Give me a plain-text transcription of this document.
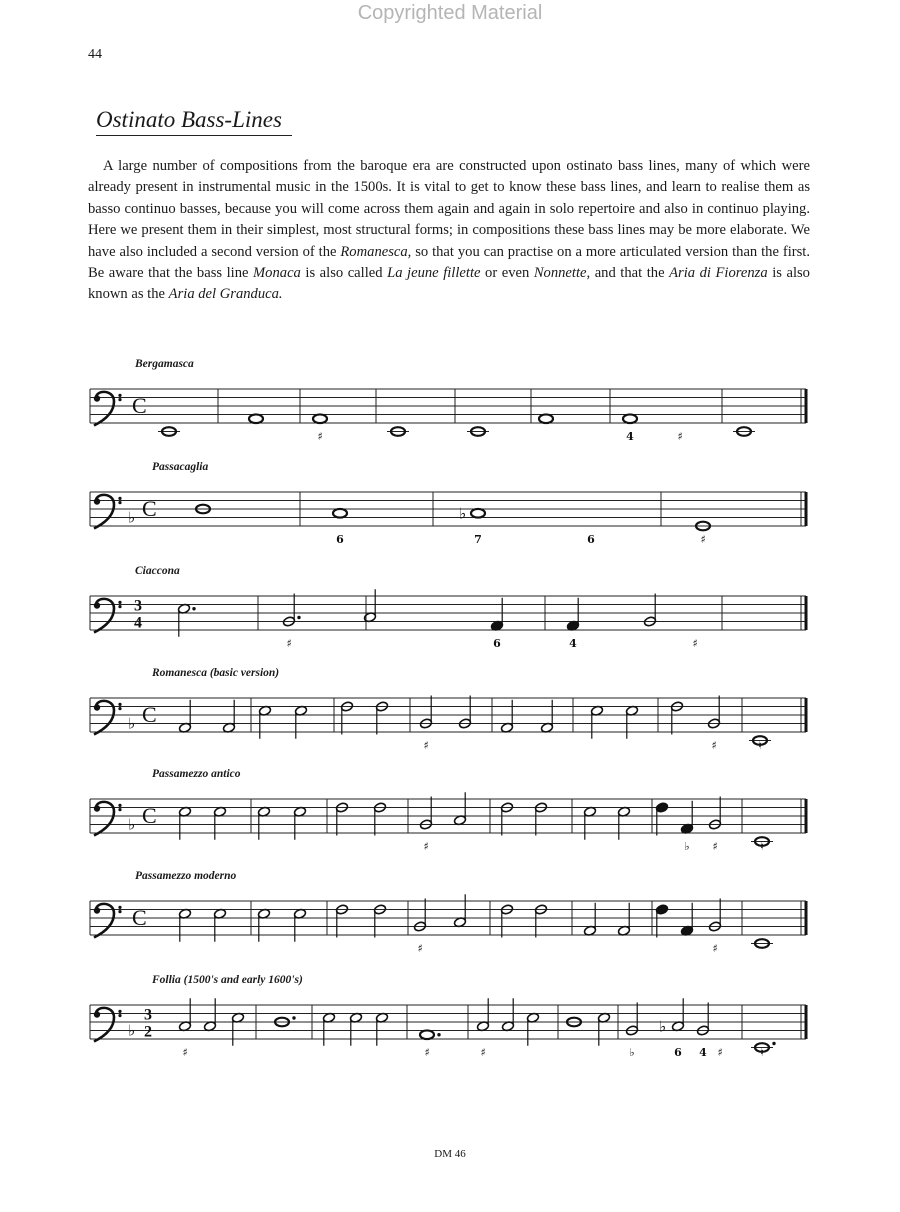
Copyrighted Material
44
Ostinato Bass-Lines

A large number of compositions from the baroque era are constructed upon ostinato bass lines, many of which were already present in instrumental music in the 1500s. It is vital to get to know these bass lines, and learn to realise them as basso continuo basses, because you will come across them again and again in solo repertoire and also in continuo playing. Here we present them in their simplest, most structural forms; in compositions these bass lines may be more elaborate. We have also included a second version of the Romanesca, so that you can practise on a more articulated version than the first. Be aware that the bass line Monaca is also called La jeune fillette or even Nonnette, and that the Aria di Fiorenza is also known as the Aria del Granduca.

Bergamasca
C
♯	4	♯
Passacaglia
♭ C
6
♭
7	♯
6
Ciaccona
3
4
♯	6	4	♯
Romanesca (basic version)
♭ C
♯	♯	♮
Passamezzo antico
♭ C
♯	♭ ♯	♮
Passamezzo moderno
C
♯	♯
Follia (1500's and early 1600's)
♭
3
2
♯	♯	♯	♭
♭
6 4	♮
♯
DM 46
